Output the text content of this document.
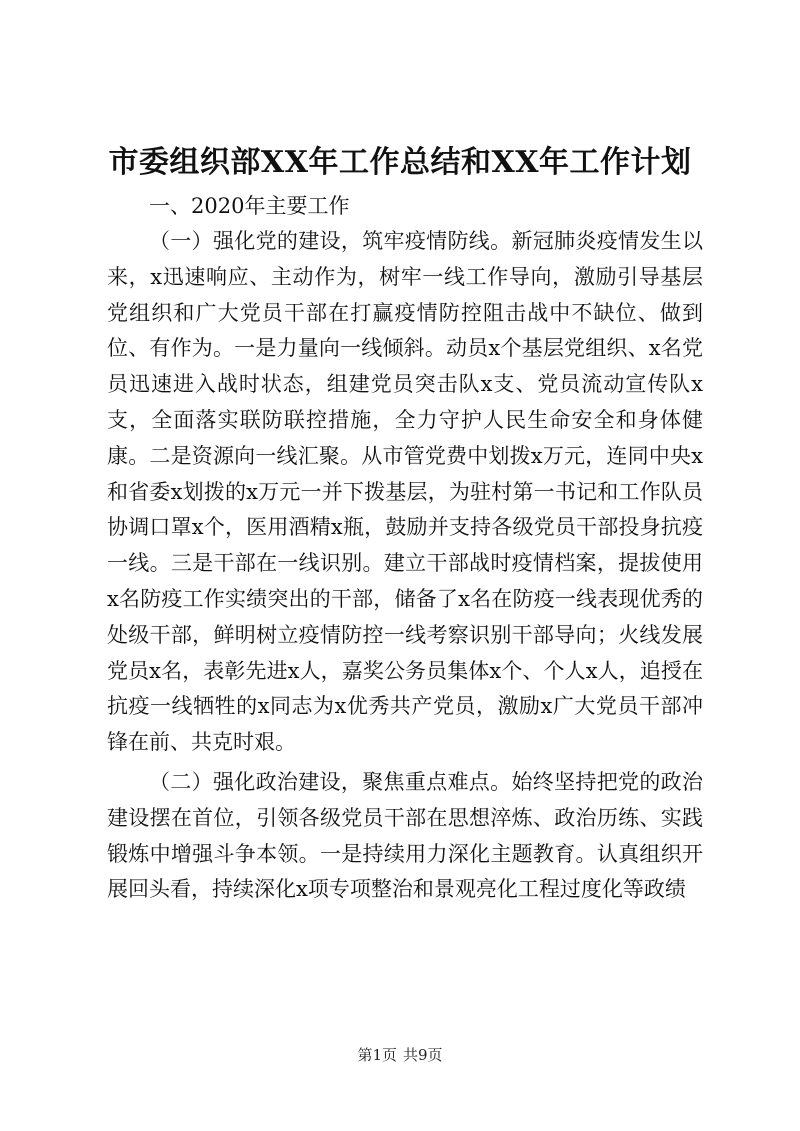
市委组织部XX年工作总结和XX年工作计划

一、2020年主要工作

（一）强化党的建设，筑牢疫情防线。新冠肺炎疫情发生以来，x迅速响应、主动作为，树牢一线工作导向，激励引导基层党组织和广大党员干部在打赢疫情防控阻击战中不缺位、做到位、有作为。一是力量向一线倾斜。动员x个基层党组织、x名党员迅速进入战时状态，组建党员突击队x支、党员流动宣传队x支，全面落实联防联控措施，全力守护人民生命安全和身体健康。二是资源向一线汇聚。从市管党费中划拨x万元，连同中央x和省委x划拨的x万元一并下拨基层，为驻村第一书记和工作队员协调口罩x个，医用酒精x瓶，鼓励并支持各级党员干部投身抗疫一线。三是干部在一线识别。建立干部战时疫情档案，提拔使用x名防疫工作实绩突出的干部，储备了x名在防疫一线表现优秀的处级干部，鲜明树立疫情防控一线考察识别干部导向；火线发展党员x名，表彰先进x人，嘉奖公务员集体x个、个人x人，追授在抗疫一线牺牲的x同志为x优秀共产党员，激励x广大党员干部冲锋在前、共克时艰。

（二）强化政治建设，聚焦重点难点。始终坚持把党的政治建设摆在首位，引领各级党员干部在思想淬炼、政治历练、实践锻炼中增强斗争本领。一是持续用力深化主题教育。认真组织开展回头看，持续深化x项专项整治和景观亮化工程过度化等政绩

第1页 共9页
